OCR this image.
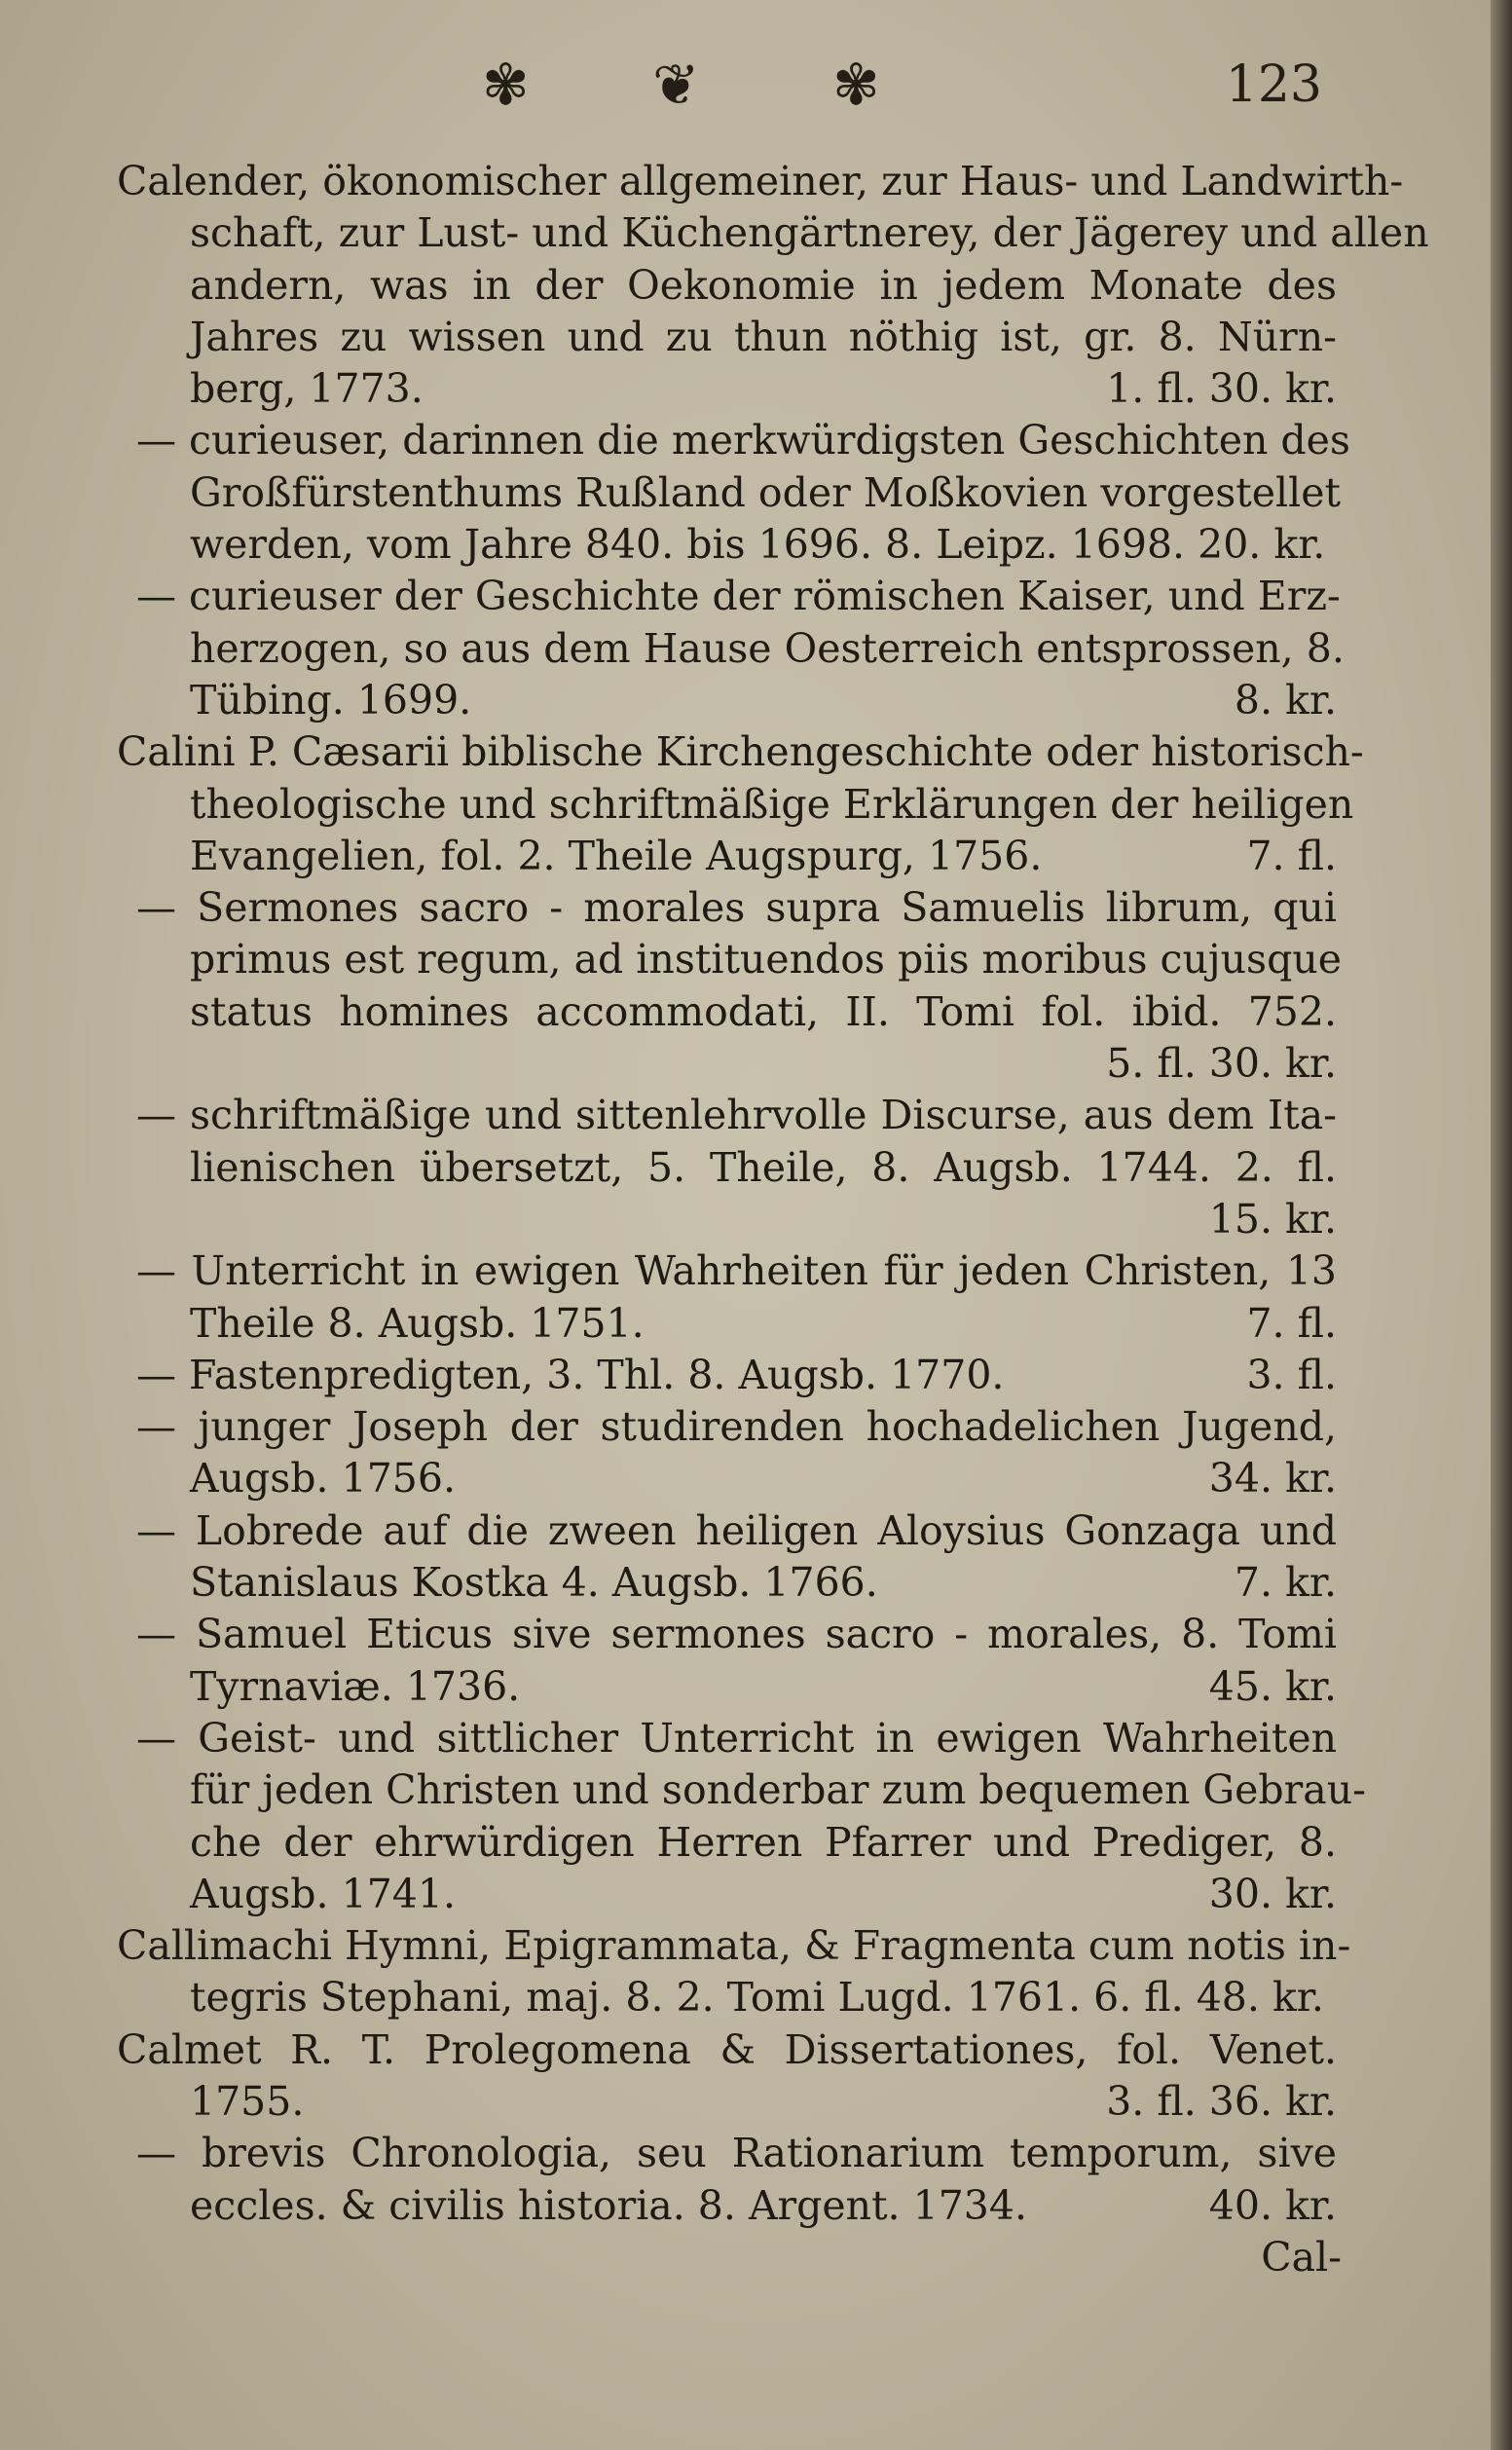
✾ ❦ ✾	123
Calender, ökonomischer allgemeiner, zur Haus- und Landwirth-
schaft, zur Lust- und Küchengärtnerey, der Jägerey und allen
andern, was in der Oekonomie in jedem Monate des
Jahres zu wissen und zu thun nöthig ist, gr. 8. Nürn-
berg, 1773.	1. fl. 30. kr.
— curieuser, darinnen die merkwürdigsten Geschichten des
Großfürstenthums Rußland oder Moßkovien vorgestellet
werden, vom Jahre 840. bis 1696. 8. Leipz. 1698. 20. kr.
— curieuser der Geschichte der römischen Kaiser, und Erz-
herzogen, so aus dem Hause Oesterreich entsprossen, 8.
Tübing. 1699.	8. kr.
Calini P. Cæsarii biblische Kirchengeschichte oder historisch-
theologische und schriftmäßige Erklärungen der heiligen
Evangelien, fol. 2. Theile Augspurg, 1756.	7. fl.
— Sermones sacro - morales supra Samuelis librum, qui
primus est regum, ad instituendos piis moribus cujusque
status homines accommodati, II. Tomi fol. ibid. 752.
5. fl. 30. kr.
— schriftmäßige und sittenlehrvolle Discurse, aus dem Ita-
lienischen übersetzt, 5. Theile, 8. Augsb. 1744. 2. fl.
15. kr.
— Unterricht in ewigen Wahrheiten für jeden Christen, 13
Theile 8. Augsb. 1751.	7. fl.
— Fastenpredigten, 3. Thl. 8. Augsb. 1770.	3. fl.
— junger Joseph der studirenden hochadelichen Jugend,
Augsb. 1756.	34. kr.
— Lobrede auf die zween heiligen Aloysius Gonzaga und
Stanislaus Kostka 4. Augsb. 1766.	7. kr.
— Samuel Eticus sive sermones sacro - morales, 8. Tomi
Tyrnaviæ. 1736.	45. kr.
— Geist- und sittlicher Unterricht in ewigen Wahrheiten
für jeden Christen und sonderbar zum bequemen Gebrau-
che der ehrwürdigen Herren Pfarrer und Prediger, 8.
Augsb. 1741.	30. kr.
Callimachi Hymni, Epigrammata, & Fragmenta cum notis in-
tegris Stephani, maj. 8. 2. Tomi Lugd. 1761. 6. fl. 48. kr.
Calmet R. T. Prolegomena & Dissertationes, fol. Venet.
1755.	3. fl. 36. kr.
— brevis Chronologia, seu Rationarium temporum, sive
eccles. & civilis historia. 8. Argent. 1734.	40. kr.
Cal-
